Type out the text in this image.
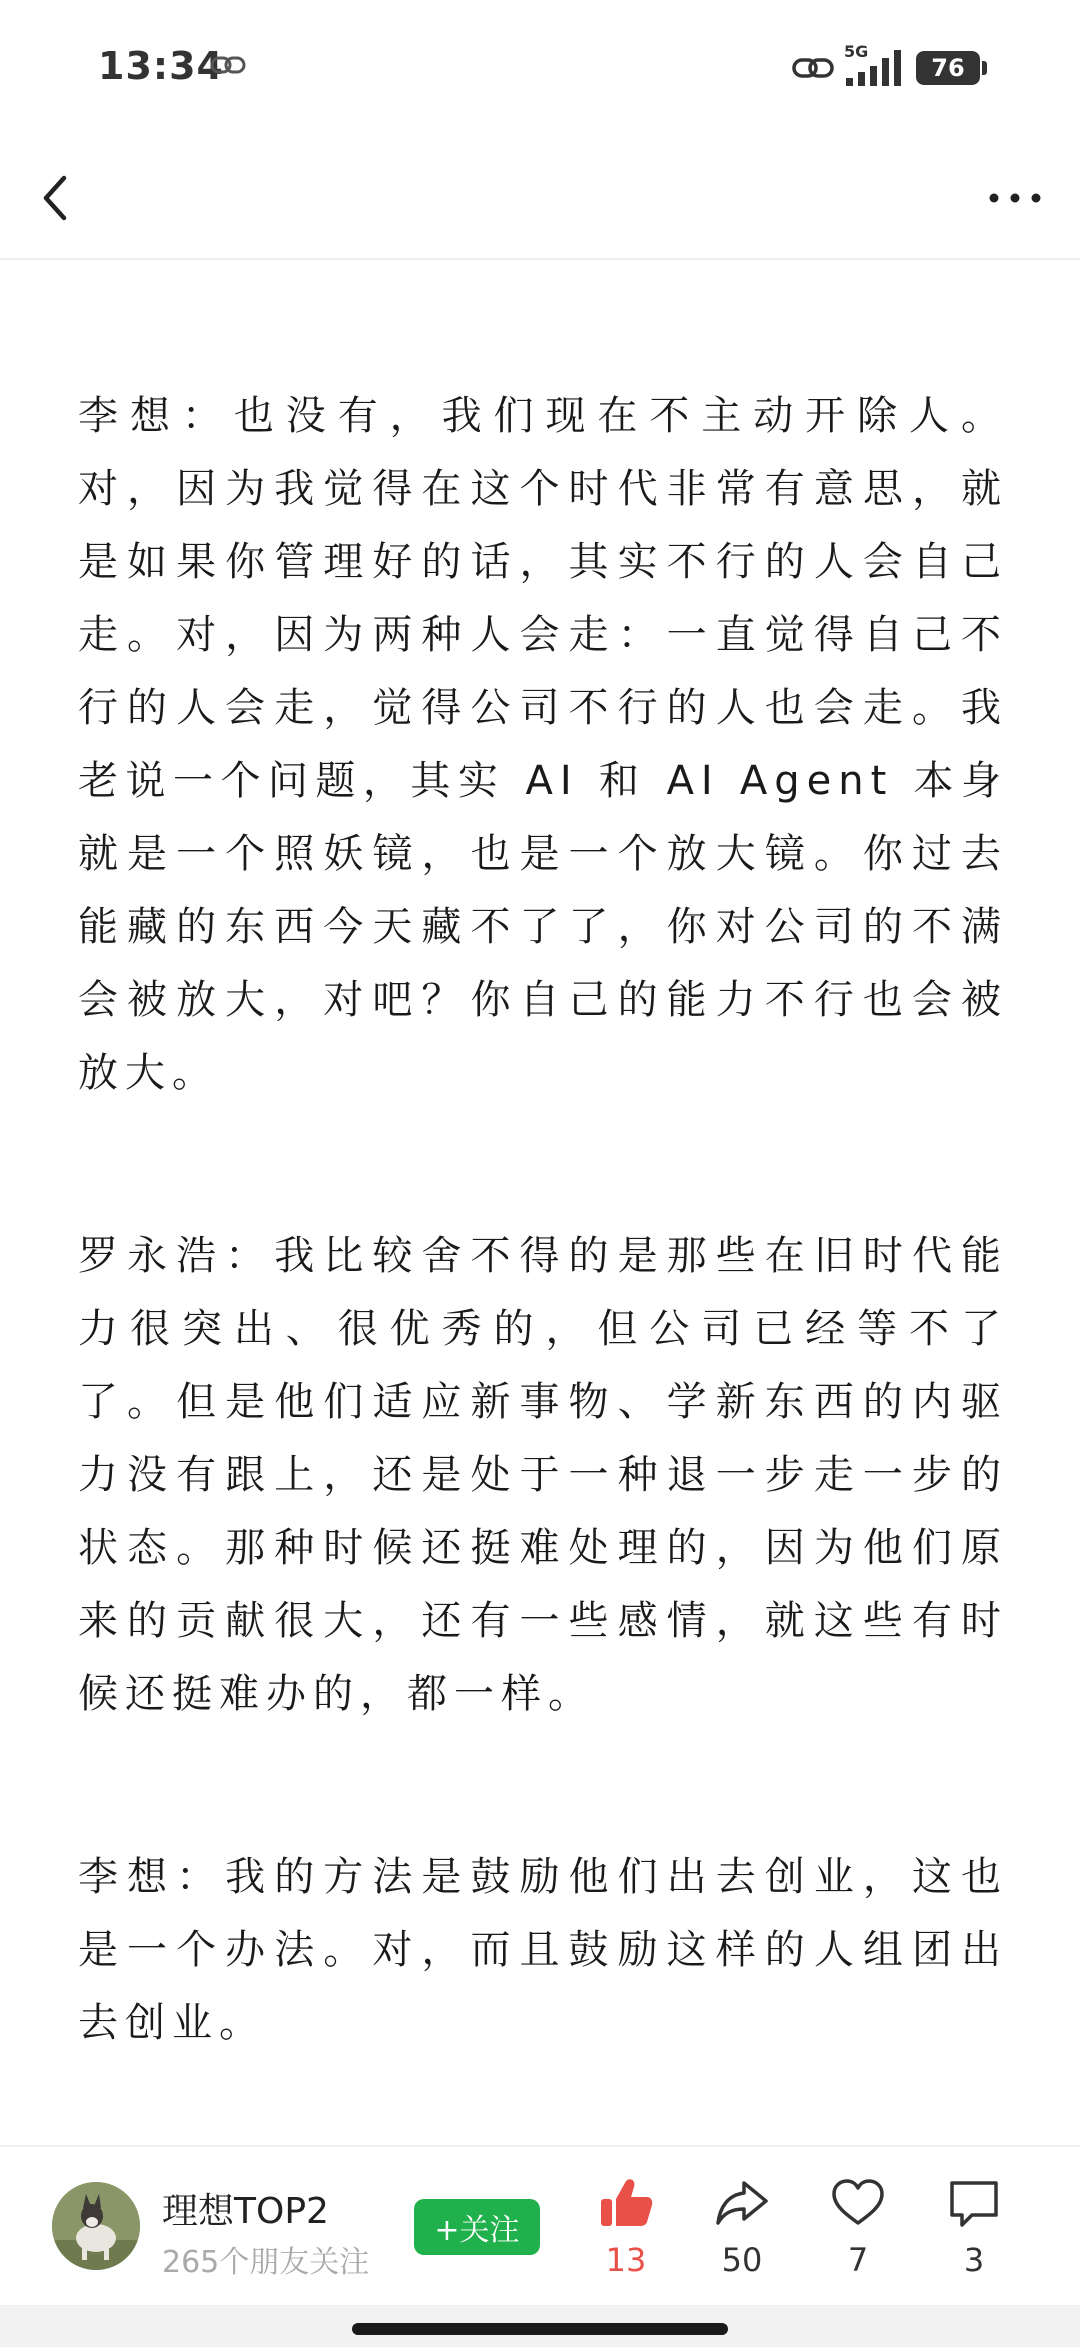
13:34	5G
76

李想：也没有，我们现在不主动开除人。对，因为我觉得在这个时代非常有意思，就是如果你管理好的话，其实不行的人会自己走。对，因为两种人会走：一直觉得自己不行的人会走，觉得公司不行的人也会走。我老说一个问题，其实 AI 和 AI Agent 本身就是一个照妖镜，也是一个放大镜。你过去能藏的东西今天藏不了了，你对公司的不满会被放大，对吧？你自己的能力不行也会被放大。

罗永浩：我比较舍不得的是那些在旧时代能力很突出、很优秀的，但公司已经等不了了。但是他们适应新事物、学新东西的内驱力没有跟上，还是处于一种退一步走一步的状态。那种时候还挺难处理的，因为他们原来的贡献很大，还有一些感情，就这些有时候还挺难办的，都一样。

李想：我的方法是鼓励他们出去创业，这也是一个办法。对，而且鼓励这样的人组团出去创业。

理想TOP2
265个朋友关注
+关注
13	50	7	3
